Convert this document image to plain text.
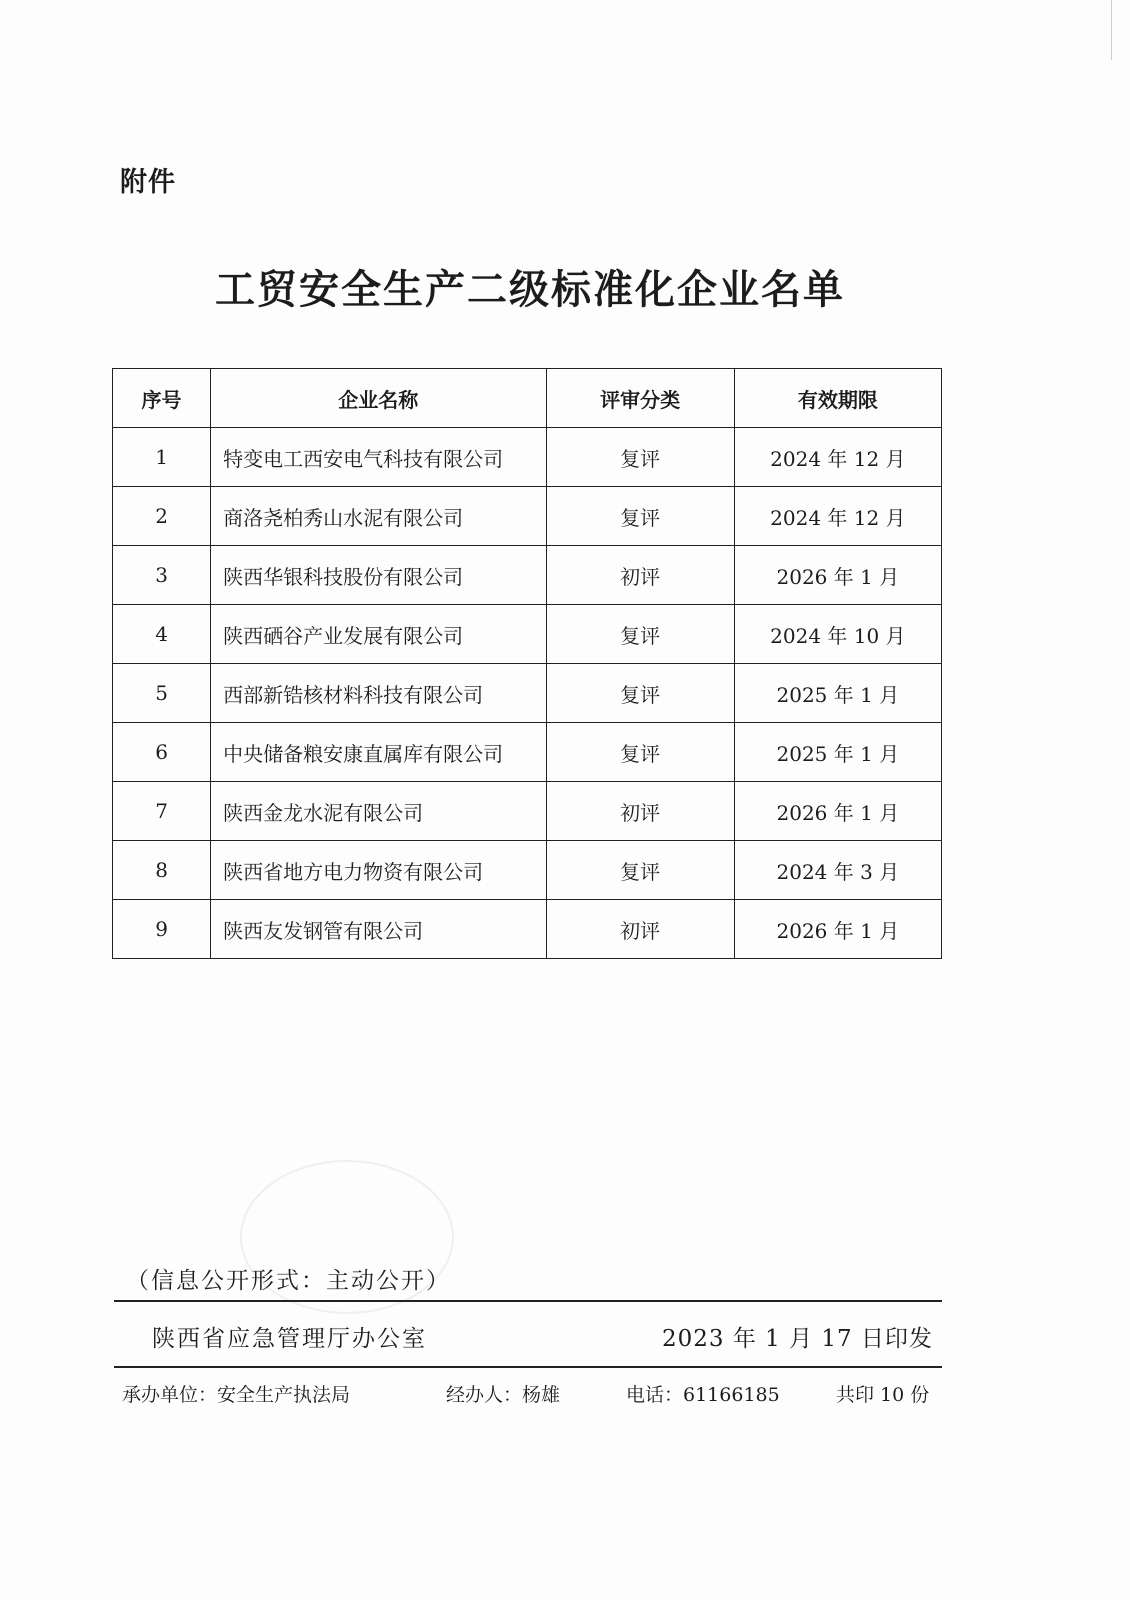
附件
工贸安全生产二级标准化企业名单
序号	企业名称	评审分类	有效期限
1	特变电工西安电气科技有限公司	复评	2024 年 12 月
2	商洛尧柏秀山水泥有限公司	复评	2024 年 12 月
3	陕西华银科技股份有限公司	初评	2026 年 1 月
4	陕西硒谷产业发展有限公司	复评	2024 年 10 月
5	西部新锆核材料科技有限公司	复评	2025 年 1 月
6	中央储备粮安康直属库有限公司	复评	2025 年 1 月
7	陕西金龙水泥有限公司	初评	2026 年 1 月
8	陕西省地方电力物资有限公司	复评	2024 年 3 月
9	陕西友发钢管有限公司	初评	2026 年 1 月
（信息公开形式：主动公开）
陕西省应急管理厅办公室	2023 年 1 月 17 日印发
承办单位：安全生产执法局	经办人：杨雄	电话：61166185	共印 10 份
